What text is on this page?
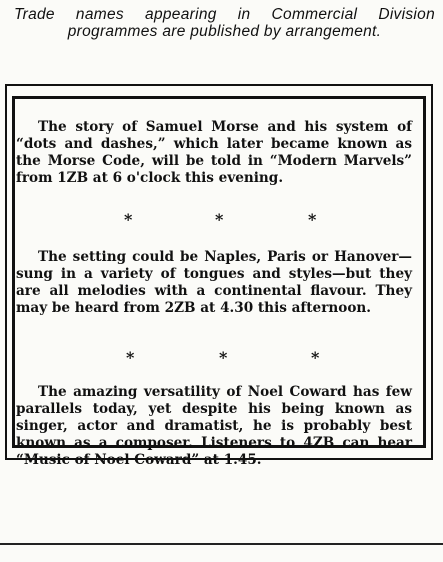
Trade names appearing in Commercial Division programmes are published by arrangement.
The story of Samuel Morse and his system of “dots and dashes,” which later became known as the Morse Code, will be told in “Modern Marvels” from 1ZB at 6 o'clock this evening.
*	*	*
The setting could be Naples, Paris or Hanover—sung in a variety of tongues and styles—but they are all melodies with a continental flavour. They may be heard from 2ZB at 4.30 this afternoon.
*	*	*
The amazing versatility of Noel Coward has few parallels today, yet despite his being known as singer, actor and dramatist, he is probably best known as a composer. Listeners to 4ZB can hear “Music of Noel Coward” at 1.45.
